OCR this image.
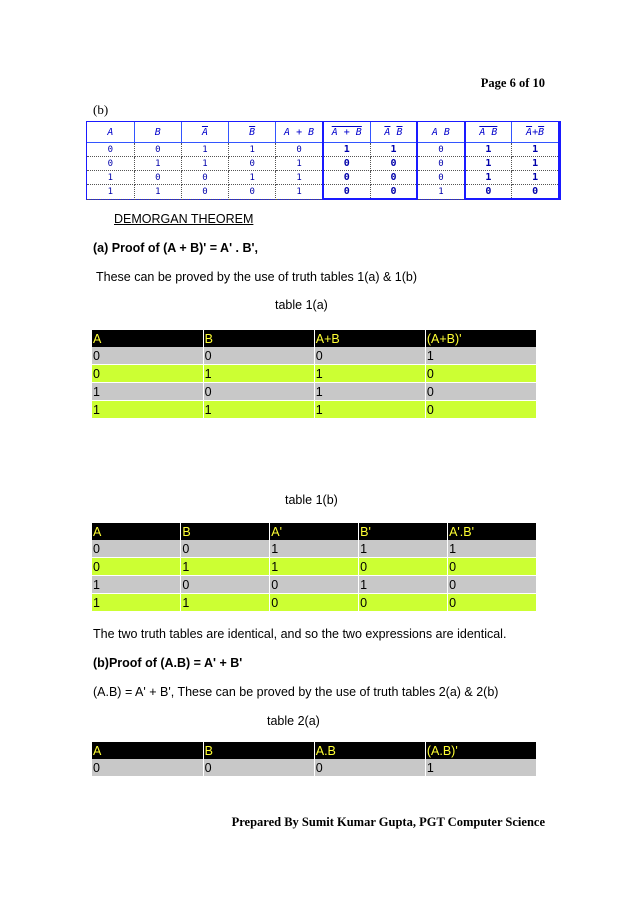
Page 6 of 10
(b)
A	B	$\overline{A}$	$\overline{B}$	A + B	A + B	$\overline{A}$ $\overline{B}$	A B	A B	$\overline{A}+\overline{B}$
0	0	1	1	0	1	1	0	1	1
0	1	1	0	1	0	0	0	1	1
1	0	0	1	1	0	0	0	1	1
1	1	0	0	1	0	0	1	0	0
DEMORGAN THEOREM
(a) Proof of (A + B)' = A' . B',
These can be proved by the use of truth tables 1(a) & 1(b)
table 1(a)
A	B	A+B	(A+B)'
0	0	0	1
0	1	1	0
1	0	1	0
1	1	1	0
table 1(b)
A	B	A'	B'	A'.B'
0	0	1	1	1
0	1	1	0	0
1	0	0	1	0
1	1	0	0	0
The two truth tables are identical, and so the two expressions are identical.
(b)Proof of (A.B) = A' + B'
(A.B) = A' + B', These can be proved by the use of truth tables 2(a) & 2(b)
table 2(a)
A	B	A.B	(A.B)'
0	0	0	1
Prepared By Sumit Kumar Gupta, PGT Computer Science
